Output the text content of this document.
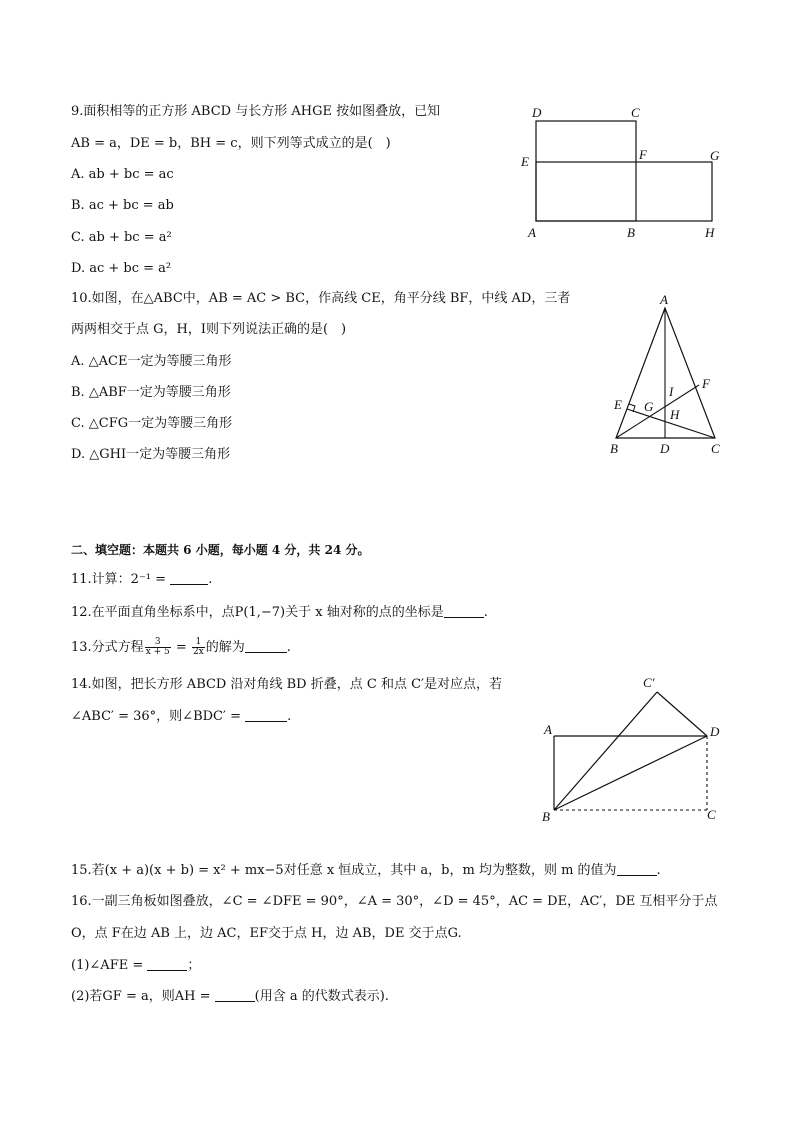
9.面积相等的正方形 ABCD 与长方形 AHGE 按如图叠放，已知
AB = a，DE = b，BH = c，则下列等式成立的是(　)
A. ab + bc = ac
B. ac + bc = ab
C. ab + bc = a²
D. ac + bc = a²
D	C
E	F	G
A	B	H
10.如图，在△ABC中，AB = AC > BC，作高线 CE，角平分线 BF，中线 AD，三者
两两相交于点 G，H，I则下列说法正确的是(　)
A. △ACE一定为等腰三角形
B. △ABF一定为等腰三角形
C. △CFG一定为等腰三角形
D. △GHI一定为等腰三角形
A
E G
I
F
H
B	D	C
二、填空题：本题共 6 小题，每小题 4 分，共 24 分。
11.计算：2⁻¹ =	.
12.在平面直角坐标系中，点P(1,−7)关于 x 轴对称的点的坐标是	.
13.分式方程 $\frac{3}{x + 5} = \frac{1}{2x}$ 的解为	.
14.如图，把长方形 ABCD 沿对角线 BD 折叠，点 C 和点 C′是对应点，若
∠ABC′ = 36°，则∠BDC′ =	.
C′
A	D
B	C
15.若(x + a)(x + b) = x² + mx−5对任意 x 恒成立，其中 a，b，m 均为整数，则 m 的值为	.
16.一副三角板如图叠放，∠C = ∠DFE = 90°，∠A = 30°，∠D = 45°，AC = DE，AC′，DE 互相平分于点
O，点 F在边 AB 上，边 AC，EF交于点 H，边 AB，DE 交于点G.
(1)∠AFE =	；
(2)若GF = a，则AH =	(用含 a 的代数式表示).
